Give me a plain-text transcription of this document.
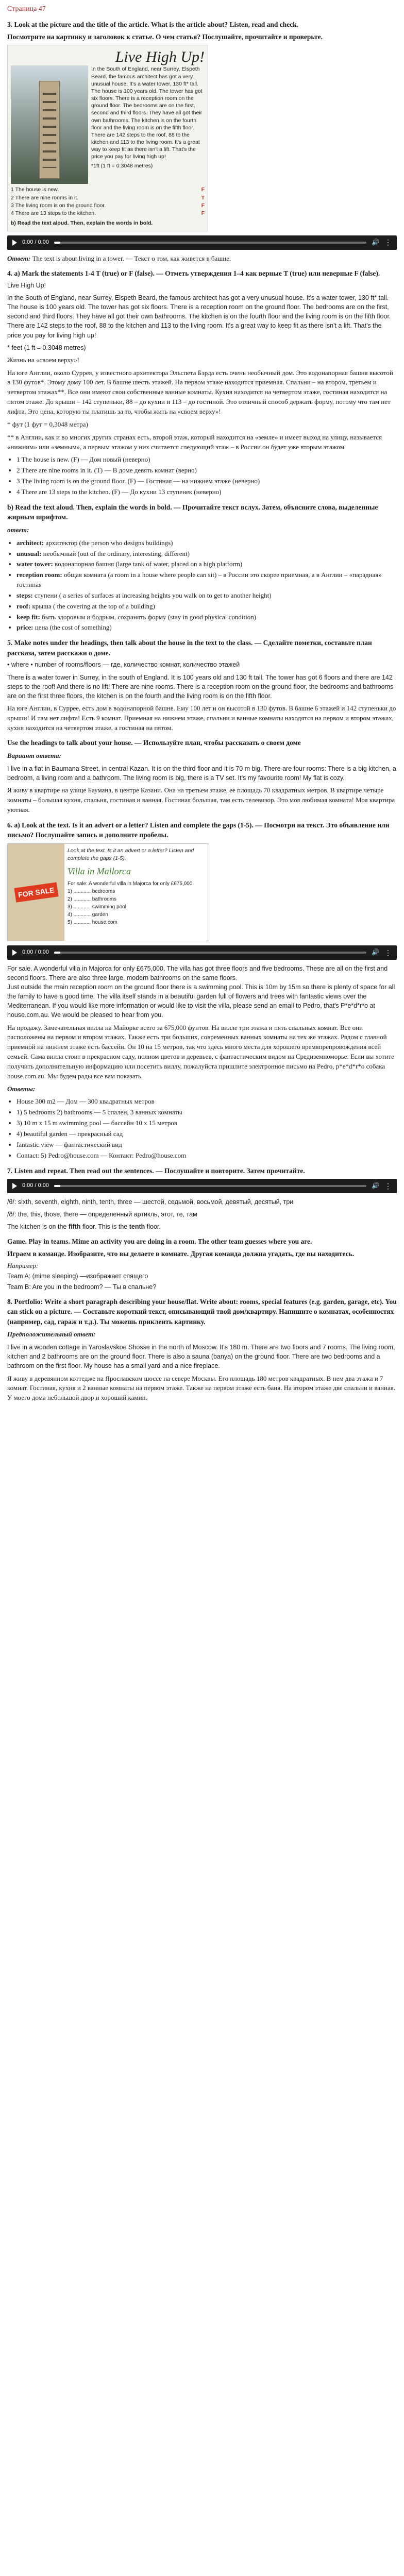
Страница 47
3. Look at the picture and the title of the article. What is the article about? Listen, read and check.
Посмотрите на картинку и заголовок к статье. О чем статья? Послушайте, прочитайте и проверьте.
Live High Up!
In the South of England, near Surrey, Elspeth Beard, the famous architect has got a very unusual house. It's a water tower, 130 ft* tall. The house is 100 years old. The tower has got six floors. There is a reception room on the ground floor. The bedrooms are on the first, second and third floors. They have all got their own bathrooms. The kitchen is on the fourth floor and the living room is on the fifth floor. There are 142 steps to the roof, 88 to the kitchen and 113 to the living room. It's a great way to keep fit as there isn't a lift. That's the price you pay for living high up!
*1ft (1 ft = 0.3048 metres)
1 The house is new.	F
2 There are nine rooms in it.	T
3 The living room is on the ground floor.	F
4 There are 13 steps to the kitchen.	F
b) Read the text aloud. Then, explain the words in bold.
0:00 / 0:00	🔊 ⋮

Ответ: The text is about living in a tower. — Текст о том, как живется в башне.

4. a) Mark the statements 1-4 T (true) or F (false). — Отметь утверждения 1–4 как верные T (true) или неверные F (false).

Live High Up!

In the South of England, near Surrey, Elspeth Beard, the famous architect has got a very unusual house. It's a water tower, 130 ft* tall. The house is 100 years old. The tower has got six floors. There is a reception room on the ground floor. The bedrooms are on the first, second and third floors. They have all got their own bathrooms. The kitchen is on the fourth floor and the living room is on the fifth floor. There are 142 steps to the roof, 88 to the kitchen and 113 to the living room. It's a great way to keep fit as there isn't a lift. That's the price you pay for living high up!

* feet (1 ft = 0.3048 metres)

Жизнь на «своем верху»!

На юге Англии, около Суррея, у известного архитектора Эльспета Бэрда есть очень необычный дом. Это водонапорная башня высотой в 130 футов*. Этому дому 100 лет. В башне шесть этажей. На первом этаже находится приемная. Спальни – на втором, третьем и четвертом этажах**. Все они имеют свои собственные ванные комнаты. Кухня находится на четвертом этаже, гостиная находится на пятом этаже. До крыши – 142 ступеньки, 88 – до кухни и 113 – до гостиной. Это отличный способ держать форму, потому что там нет лифта. Это цена, которую ты платишь за то, чтобы жить на «своем верху»!

* фут (1 фут = 0,3048 метра)

** в Англии, как и во многих других странах есть, второй этаж, который находится на «земле» и имеет выход на улицу, называется «нижним» или «земным», а первым этажом у них считается следующий этаж – в России он будет уже вторым этажом.

• 1 The house is new. (F) — Дом новый (неверно)
• 2 There are nine rooms in it. (T) — В доме девять комнат (верно)
• 3 The living room is on the ground floor. (F) — Гостиная — на нижнем этаже (неверно)
• 4 There are 13 steps to the kitchen. (F) — До кухни 13 ступенек (неверно)
b) Read the text aloud. Then, explain the words in bold. — Прочитайте текст вслух. Затем, объясните слова, выделенные жирным шрифтом.

ответ:

• architect: архитектор (the person who designs buildings)
• unusual: необычный (out of the ordinary, interesting, different)
• water tower: водонапорная башня (large tank of water, placed on a high platform)
• reception room: общая комната (a room in a house where people can sit) – в России это скорее приемная, а в Англии – «парадная» гостиная
• steps: ступени ( a series of surfaces at increasing heights you walk on to get to another height)
• roof: крыша ( the covering at the top of a building)
• keep fit: быть здоровым и бодрым, сохранять форму (stay in good physical condition)
• price: цена (the cost of something)
5. Make notes under the headings, then talk about the house in the text to the class. — Сделайте пометки, составьте план рассказа, затем расскажи о доме.

• where • number of rooms/floors — где, количество комнат, количество этажей

There is a water tower in Surrey, in the south of England. It is 100 years old and 130 ft tall. The tower has got 6 floors and there are 142 steps to the roof! And there is no lift! There are nine rooms. There is a reception room on the ground floor, the bedrooms and bathrooms are on the first three floors, the kitchen is on the fourth and the living room is on the fifth floor.

На юге Англии, в Суррее, есть дом в водонапорной башне. Ему 100 лет и он высотой в 130 футов. В башне 6 этажей и 142 ступеньки до крыши! И там нет лифта! Есть 9 комнат. Приемная на нижнем этаже, спальни и ванные комнаты находятся на первом и втором этажах, кухня находится на четвертом этаже, а гостиная на пятом.

Use the headings to talk about your house. — Используйте план, чтобы рассказать о своем доме

Вариант ответа:

I live in a flat in Baumana Street, in central Kazan. It is on the third floor and it is 70 m big. There are four rooms: There is a big kitchen, a bedroom, a living room and a bathroom. The living room is big, there is a TV set. It's my favourite room! My flat is cozy.

Я живу в квартире на улице Баумана, в центре Казани. Она на третьем этаже, ее площадь 70 квадратных метров. В квартире четыре комнаты – большая кухня, спальня, гостиная и ванная. Гостиная большая, там есть телевизор. Это моя любимая комната! Моя квартира уютная.

6. a) Look at the text. Is it an advert or a letter? Listen and complete the gaps (1-5). — Посмотри на текст. Это объявление или письмо? Послушайте запись и дополните пробелы.
FOR SALE
Look at the text. Is it an advert or a letter? Listen and complete the gaps (1-5).
Villa in Mallorca
For sale: A wonderful villa in Majorca for only £675,000.
1) ............ bedrooms
2) ............ bathrooms
3) ............ swimming pool
4) ............ garden
5) ............ house.com
0:00 / 0:00	🔊 ⋮

For sale. A wonderful villa in Majorca for only £675,000. The villa has got three floors and five bedrooms. These are all on the first and second floors. There are also three large, modern bathrooms on the same floors.
Just outside the main reception room on the ground floor there is a swimming pool. This is 10m by 15m so there is plenty of space for all the family to have a good time. The villa itself stands in a beautiful garden full of flowers and trees with fantastic views over the Mediterranean. If you would like more information or would like to visit the villa, please send an email to Pedro, that's P*e*d*r*o at house.com.au. We would be pleased to hear from you.

На продажу. Замечательная вилла на Майорке всего за 675,000 фунтов. На вилле три этажа и пять спальных комнат. Все они расположены на первом и втором этажах. Также есть три больших, современных ванных комнаты на тех же этажах. Рядом с главной приемной на нижнем этаже есть бассейн. Он 10 на 15 метров, так что здесь много места для хорошего времяпрепровождения всей семьей. Сама вилла стоит в прекрасном саду, полном цветов и деревьев, с фантастическим видом на Средиземноморье. Если вы хотите получить дополнительную информацию или посетить виллу, пожалуйста пришлите электронное письмо на Pedro, р*е*d*r*o собака house.com.au. Мы будем рады все вам показать.

Ответы:

• House 300 m2 — Дом — 300 квадратных метров
• 1) 5 bedrooms 2) bathrooms — 5 спален, 3 ванных комнаты
• 3) 10 m x 15 m swimming pool — бассейн 10 x 15 метров
• 4) beautiful garden — прекрасный сад
• fantastic view — фантастический вид
• Contact: 5) Pedro@house.com — Контакт: Pedro@house.com
7. Listen and repeat. Then read out the sentences. — Послушайте и повторите. Затем прочитайте.
0:00 / 0:00	🔊 ⋮

/θ/: sixth, seventh, eighth, ninth, tenth, three — шестой, седьмой, восьмой, девятый, десятый, три

/ð/: the, this, those, there — определенный артикль, этот, те, там

The kitchen is on the fifth floor. This is the tenth floor.

Game. Play in teams. Mime an activity you are doing in a room. The other team guesses where you are.
Играем в команде. Изобразите, что вы делаете в комнате. Другая команда должна угадать, где вы находитесь.

Например:

Team A: (mime sleeping) —изображает спящего

Team B: Are you in the bedroom? — Ты в спальне?

8. Portfolio: Write a short paragraph describing your house/flat. Write about: rooms, special features (e.g. garden, garage, etc). You can stick on a picture. — Составьте короткий текст, описывающий твой дом/квартиру. Напишите о комнатах, особенностях (например, сад, гараж и т.д.). Ты можешь приклеить картинку.

Предположительный ответ:

I live in a wooden cottage in Yaroslavskoe Shosse in the north of Moscow. It's 180 m. There are two floors and 7 rooms. The living room, kitchen and 2 bathrooms are on the ground floor. There is also a sauna (banya) on the ground floor. There are two bedrooms and a bathroom on the first floor. My house has a small yard and a nice fireplace.

Я живу в деревянном коттедже на Ярославском шоссе на севере Москвы. Его площадь 180 метров квадратных. В нем два этажа и 7 комнат. Гостиная, кухня и 2 ванные комнаты на первом этаже. Также на первом этаже есть баня. На втором этаже две спальни и ванная. У моего дома небольшой двор и хороший камин.
